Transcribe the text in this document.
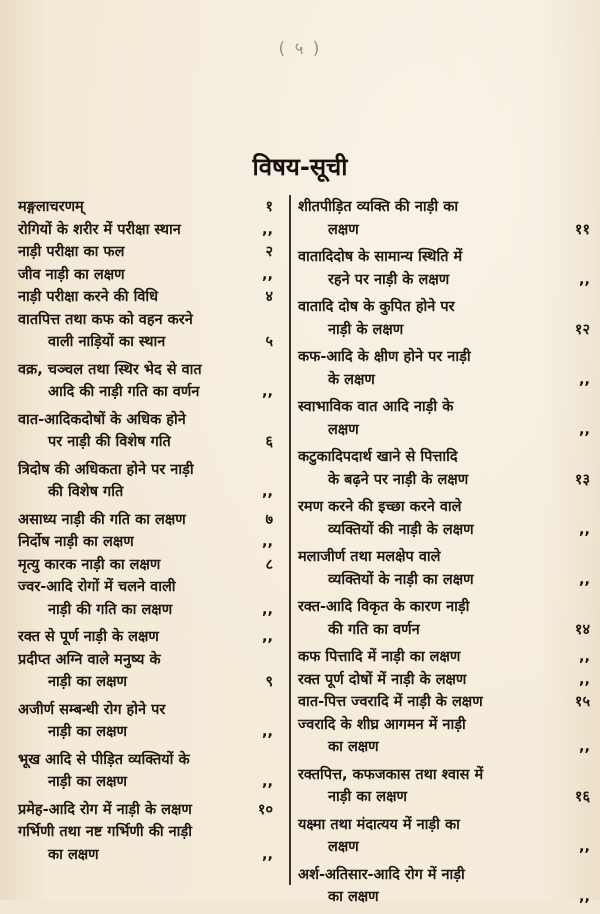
( ५ )
विषय-सूची
मङ्गलाचरणम्	१
रोगियों के शरीर में परीक्षा स्थान	,,
नाड़ी परीक्षा का फल	२
जीव नाड़ी का लक्षण	,,
नाड़ी परीक्षा करने की विधि	४
वातपित्त तथा कफ को वहन करने
वाली नाड़ियों का स्थान	५
वक्र, चञ्चल तथा स्थिर भेद से वात
आदि की नाड़ी गति का वर्णन	,,
वात-आदिकदोषों के अधिक होने
पर नाड़ी की विशेष गति	६
त्रिदोष की अधिकता होने पर नाड़ी
की विशेष गति	,,
असाध्य नाड़ी की गति का लक्षण	७
निर्दोष नाड़ी का लक्षण	,,
मृत्यु कारक नाड़ी का लक्षण	८
ज्वर-आदि रोगों में चलने वाली
नाड़ी की गति का लक्षण	,,
रक्त से पूर्ण नाड़ी के लक्षण	,,
प्रदीप्त अग्नि वाले मनुष्य के
नाड़ी का लक्षण	९
अजीर्ण सम्बन्धी रोग होने पर
नाड़ी का लक्षण	,,
भूख आदि से पीड़ित व्यक्तियों के
नाड़ी का लक्षण	,,
प्रमेह-आदि रोग में नाड़ी के लक्षण	१०
गर्भिणी तथा नष्ट गर्भिणी की नाड़ी
का लक्षण	,,
शीतपीड़ित व्यक्ति की नाड़ी का
लक्षण	११
वातादिदोष के सामान्य स्थिति में
रहने पर नाड़ी के लक्षण	,,
वातादि दोष के कुपित होने पर
नाड़ी के लक्षण	१२
कफ-आदि के क्षीण होने पर नाड़ी
के लक्षण	,,
स्वाभाविक वात आदि नाड़ी के
लक्षण	,,
कटुकादिपदार्थ खाने से पित्तादि
के बढ़ने पर नाड़ी के लक्षण	१३
रमण करने की इच्छा करने वाले
व्यक्तियों की नाड़ी के लक्षण	,,
मलाजीर्ण तथा मलक्षेप वाले
व्यक्तियों के नाड़ी का लक्षण	,,
रक्त-आदि विकृत के कारण नाड़ी
की गति का वर्णन	१४
कफ पित्तादि में नाड़ी का लक्षण	,,
रक्त पूर्ण दोषों में नाड़ी के लक्षण	,,
वात-पित्त ज्वरादि में नाड़ी के लक्षण	१५
ज्वरादि के शीघ्र आगमन में नाड़ी
का लक्षण	,,
रक्तपित्त, कफजकास तथा श्वास में
नाड़ी का लक्षण	१६
यक्ष्मा तथा मंदात्यय में नाड़ी का
लक्षण	,,
अर्श-अतिसार-आदि रोग में नाड़ी
का लक्षण	,,
